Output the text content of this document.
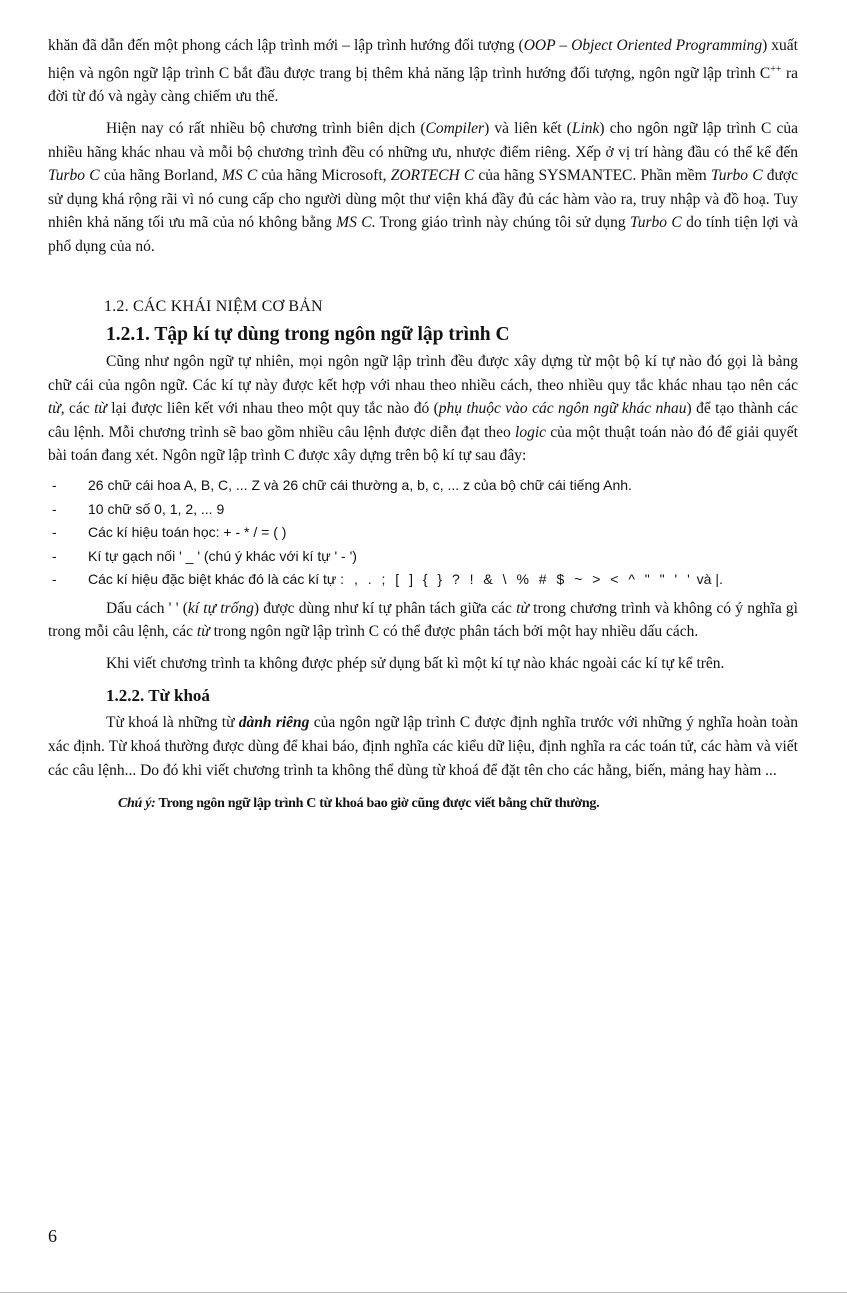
khăn đã dẫn đến một phong cách lập trình mới – lập trình hướng đối tượng (OOP – Object Oriented Programming) xuất hiện và ngôn ngữ lập trình C bắt đầu được trang bị thêm khả năng lập trình hướng đối tượng, ngôn ngữ lập trình C++ ra đời từ đó và ngày càng chiếm ưu thế.

Hiện nay có rất nhiều bộ chương trình biên dịch (Compiler) và liên kết (Link) cho ngôn ngữ lập trình C của nhiều hãng khác nhau và mỗi bộ chương trình đều có những ưu, nhược điểm riêng. Xếp ở vị trí hàng đầu có thể kể đến Turbo C của hãng Borland, MS C của hãng Microsoft, ZORTECH C của hãng SYSMANTEC. Phần mềm Turbo C được sử dụng khá rộng rãi vì nó cung cấp cho người dùng một thư viện khá đầy đủ các hàm vào ra, truy nhập và đồ hoạ. Tuy nhiên khả năng tối ưu mã của nó không bằng MS C. Trong giáo trình này chúng tôi sử dụng Turbo C do tính tiện lợi và phổ dụng của nó.

1.2. CÁC KHÁI NIỆM CƠ BẢN
1.2.1. Tập kí tự dùng trong ngôn ngữ lập trình C

Cũng như ngôn ngữ tự nhiên, mọi ngôn ngữ lập trình đều được xây dựng từ một bộ kí tự nào đó gọi là bảng chữ cái của ngôn ngữ. Các kí tự này được kết hợp với nhau theo nhiều cách, theo nhiều quy tắc khác nhau tạo nên các từ, các từ lại được liên kết với nhau theo một quy tắc nào đó (phụ thuộc vào các ngôn ngữ khác nhau) để tạo thành các câu lệnh. Mỗi chương trình sẽ bao gồm nhiều câu lệnh được diễn đạt theo logic của một thuật toán nào đó để giải quyết bài toán đang xét. Ngôn ngữ lập trình C được xây dựng trên bộ kí tự sau đây:

- 26 chữ cái hoa A, B, C, ... Z và 26 chữ cái thường a, b, c, ... z của bộ chữ cái tiếng Anh.
- 10 chữ số 0, 1, 2, ... 9
- Các kí hiệu toán học: + - * / = ( )
- Kí tự gạch nối ' _ ' (chú ý khác với kí tự ' - ')
- Các kí hiệu đặc biệt khác đó là các kí tự : , . ; [ ] { } ? ! & \ % # $ ~ > < ^ " " ' ' và |.

Dấu cách ' ' (kí tự trống) được dùng như kí tự phân tách giữa các từ trong chương trình và không có ý nghĩa gì trong mỗi câu lệnh, các từ trong ngôn ngữ lập trình C có thể được phân tách bởi một hay nhiều dấu cách.

Khi viết chương trình ta không được phép sử dụng bất kì một kí tự nào khác ngoài các kí tự kể trên.

1.2.2. Từ khoá

Từ khoá là những từ dành riêng của ngôn ngữ lập trình C được định nghĩa trước với những ý nghĩa hoàn toàn xác định. Từ khoá thường được dùng để khai báo, định nghĩa các kiểu dữ liệu, định nghĩa ra các toán tử, các hàm và viết các câu lệnh... Do đó khi viết chương trình ta không thể dùng từ khoá để đặt tên cho các hằng, biến, mảng hay hàm ...

Chú ý: Trong ngôn ngữ lập trình C từ khoá bao giờ cũng được viết bằng chữ thường.

6
